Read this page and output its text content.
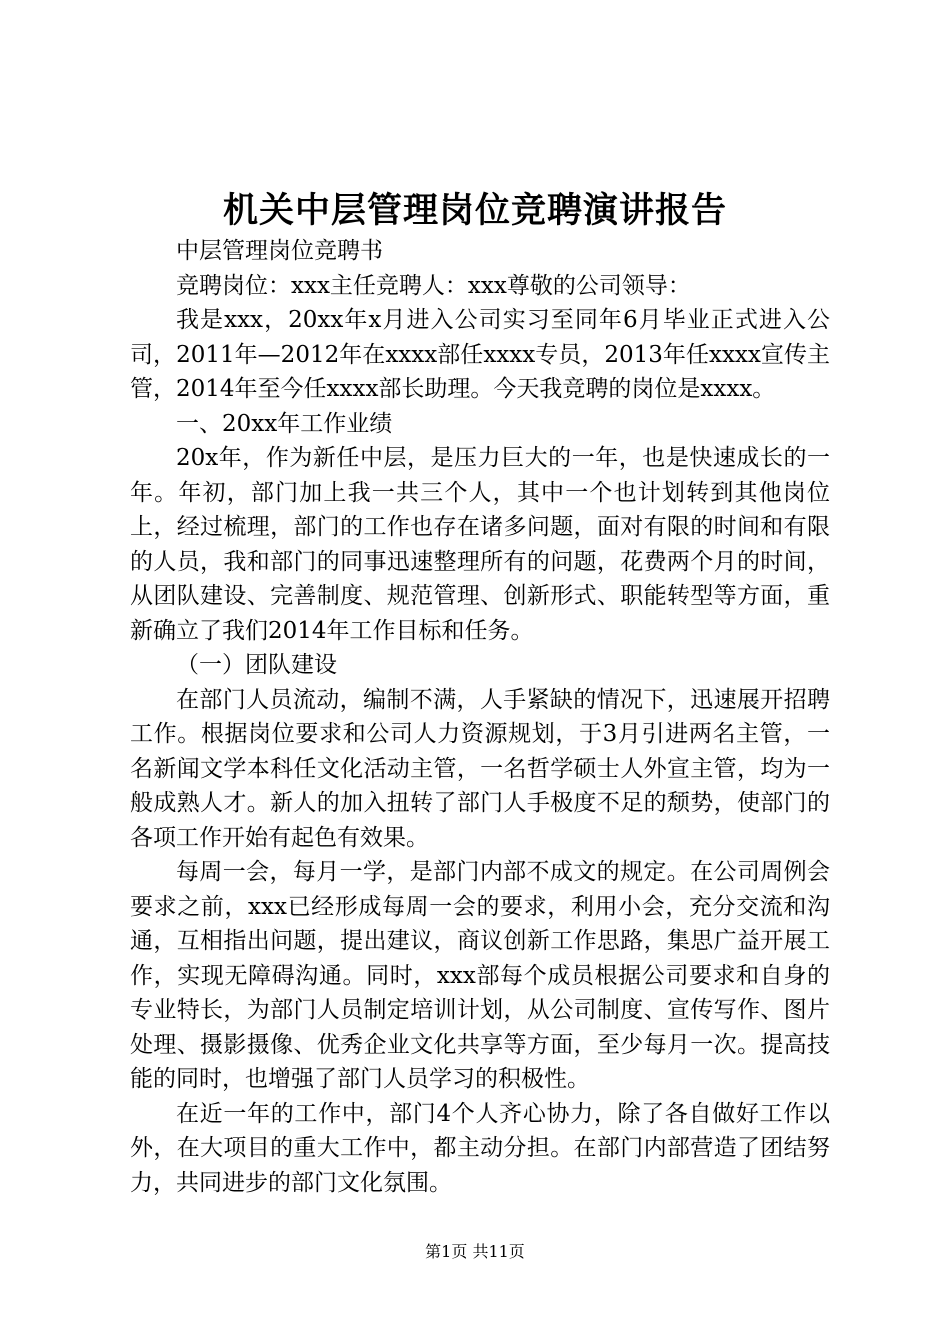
机关中层管理岗位竞聘演讲报告

中层管理岗位竞聘书

竞聘岗位：xxx主任竞聘人：xxx尊敬的公司领导：

我是xxx，20xx年x月进入公司实习至同年6月毕业正式进入公司，2011年—2012年在xxxx部任xxxx专员，2013年任xxxx宣传主管，2014年至今任xxxx部长助理。今天我竞聘的岗位是xxxx。

一、20xx年工作业绩

20x年，作为新任中层，是压力巨大的一年，也是快速成长的一年。年初，部门加上我一共三个人，其中一个也计划转到其他岗位上，经过梳理，部门的工作也存在诸多问题，面对有限的时间和有限的人员，我和部门的同事迅速整理所有的问题，花费两个月的时间，从团队建设、完善制度、规范管理、创新形式、职能转型等方面，重新确立了我们2014年工作目标和任务。

（一）团队建设

在部门人员流动，编制不满，人手紧缺的情况下，迅速展开招聘工作。根据岗位要求和公司人力资源规划，于3月引进两名主管，一名新闻文学本科任文化活动主管，一名哲学硕士人外宣主管，均为一般成熟人才。新人的加入扭转了部门人手极度不足的颓势，使部门的各项工作开始有起色有效果。

每周一会，每月一学，是部门内部不成文的规定。在公司周例会要求之前，xxx已经形成每周一会的要求，利用小会，充分交流和沟通，互相指出问题，提出建议，商议创新工作思路，集思广益开展工作，实现无障碍沟通。同时，xxx部每个成员根据公司要求和自身的专业特长，为部门人员制定培训计划，从公司制度、宣传写作、图片处理、摄影摄像、优秀企业文化共享等方面，至少每月一次。提高技能的同时，也增强了部门人员学习的积极性。

在近一年的工作中，部门4个人齐心协力，除了各自做好工作以外，在大项目的重大工作中，都主动分担。在部门内部营造了团结努力，共同进步的部门文化氛围。

第1页 共11页
